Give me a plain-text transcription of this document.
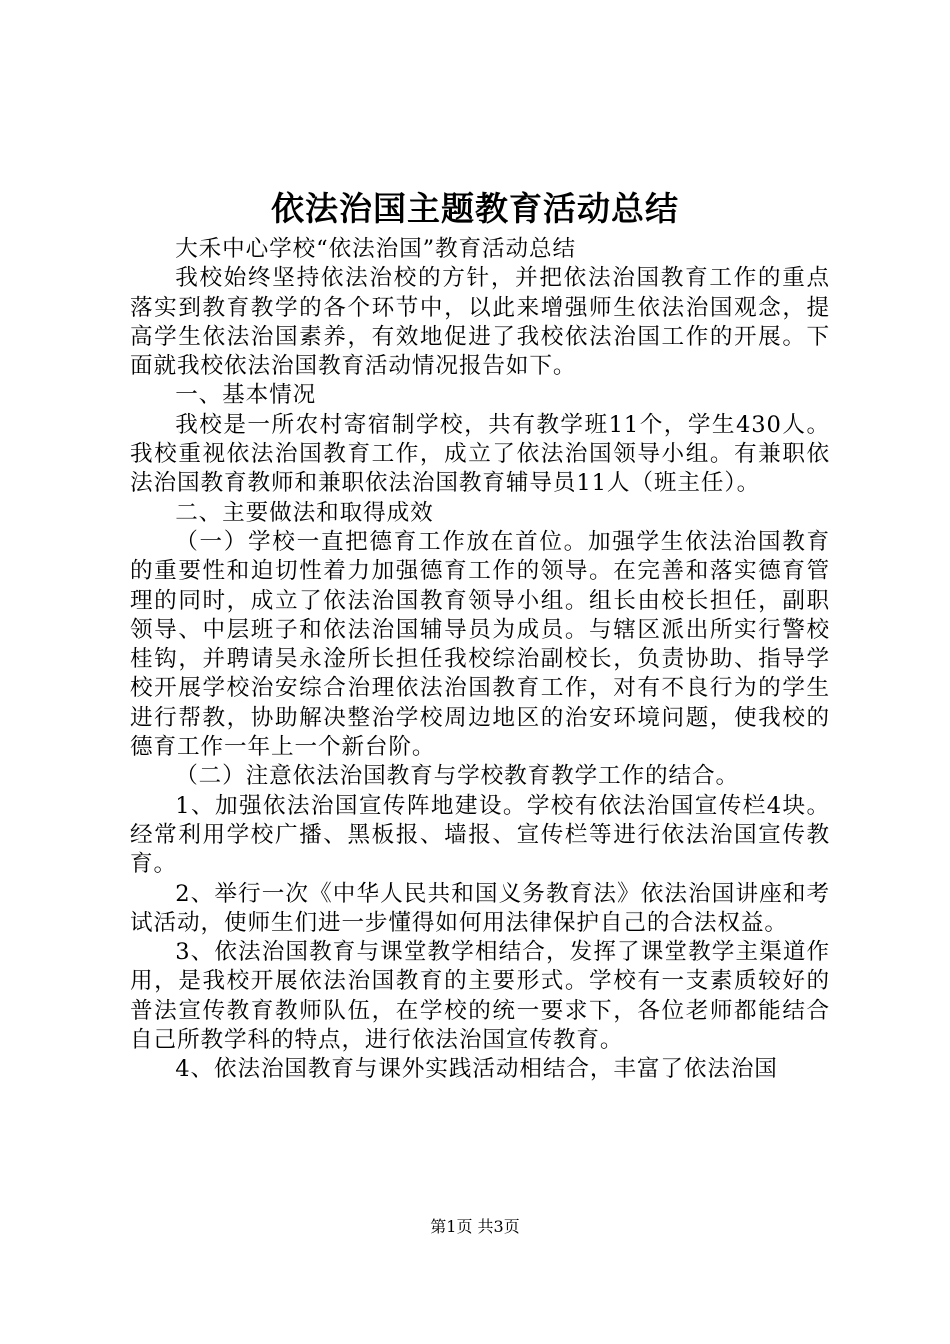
依法治国主题教育活动总结

大禾中心学校“依法治国”教育活动总结

我校始终坚持依法治校的方针，并把依法治国教育工作的重点落实到教育教学的各个环节中，以此来增强师生依法治国观念，提高学生依法治国素养，有效地促进了我校依法治国工作的开展。下面就我校依法治国教育活动情况报告如下。

一、基本情况

我校是一所农村寄宿制学校，共有教学班11个，学生430人。我校重视依法治国教育工作，成立了依法治国领导小组。有兼职依法治国教育教师和兼职依法治国教育辅导员11人（班主任）。

二、主要做法和取得成效

（一）学校一直把德育工作放在首位。加强学生依法治国教育的重要性和迫切性着力加强德育工作的领导。在完善和落实德育管理的同时，成立了依法治国教育领导小组。组长由校长担任，副职领导、中层班子和依法治国辅导员为成员。与辖区派出所实行警校桂钩，并聘请吴永淦所长担任我校综治副校长，负责协助、指导学校开展学校治安综合治理依法治国教育工作，对有不良行为的学生进行帮教，协助解决整治学校周边地区的治安环境问题，使我校的德育工作一年上一个新台阶。

（二）注意依法治国教育与学校教育教学工作的结合。

1、加强依法治国宣传阵地建设。学校有依法治国宣传栏4块。经常利用学校广播、黑板报、墙报、宣传栏等进行依法治国宣传教育。

2、举行一次《中华人民共和国义务教育法》依法治国讲座和考试活动，使师生们进一步懂得如何用法律保护自己的合法权益。

3、依法治国教育与课堂教学相结合，发挥了课堂教学主渠道作用，是我校开展依法治国教育的主要形式。学校有一支素质较好的普法宣传教育教师队伍，在学校的统一要求下，各位老师都能结合自己所教学科的特点，进行依法治国宣传教育。

4、依法治国教育与课外实践活动相结合，丰富了依法治国

第1页 共3页
